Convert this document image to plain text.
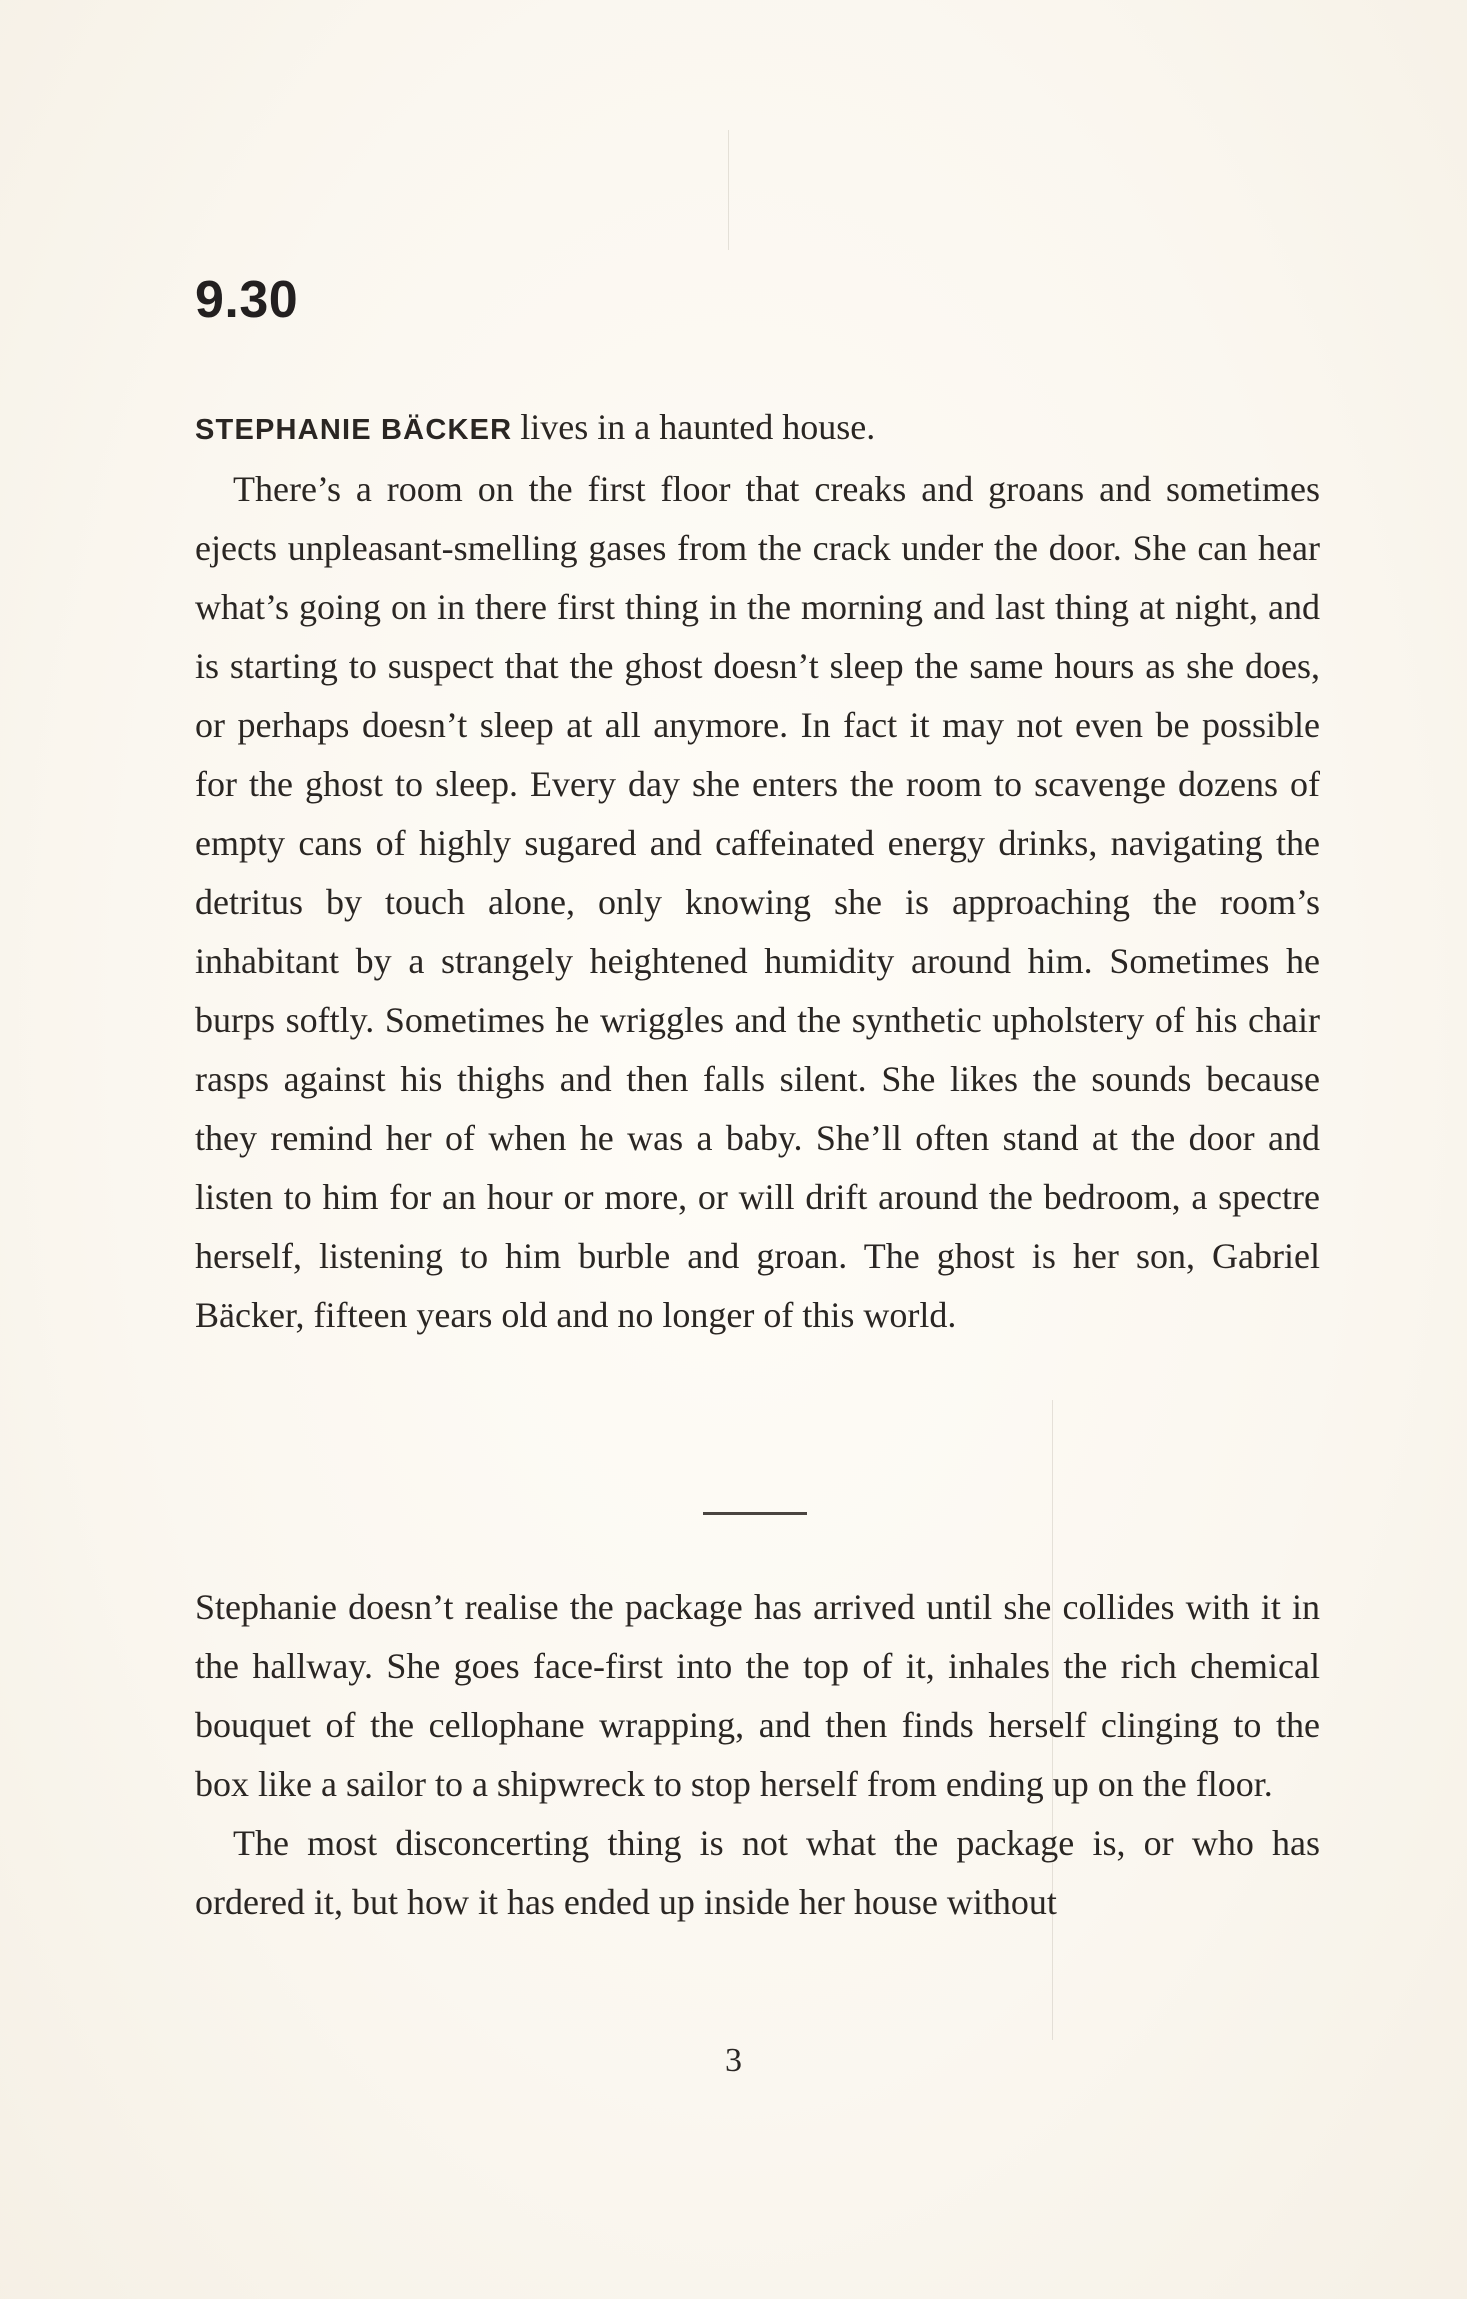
9.30

STEPHANIE BÄCKER lives in a haunted house.

There’s a room on the first floor that creaks and groans and sometimes ejects unpleasant-smelling gases from the crack under the door. She can hear what’s going on in there first thing in the morning and last thing at night, and is starting to suspect that the ghost doesn’t sleep the same hours as she does, or perhaps doesn’t sleep at all anymore. In fact it may not even be possible for the ghost to sleep. Every day she enters the room to scavenge dozens of empty cans of highly sugared and caffeinated energy drinks, navigating the detritus by touch alone, only knowing she is approaching the room’s inhabitant by a strangely heightened humidity around him. Sometimes he burps softly. Sometimes he wriggles and the synthetic upholstery of his chair rasps against his thighs and then falls silent. She likes the sounds because they remind her of when he was a baby. She’ll often stand at the door and listen to him for an hour or more, or will drift around the bedroom, a spectre herself, listening to him burble and groan. The ghost is her son, Gabriel Bäcker, fifteen years old and no longer of this world.

Stephanie doesn’t realise the package has arrived until she collides with it in the hallway. She goes face-first into the top of it, inhales the rich chemical bouquet of the cellophane wrapping, and then finds herself clinging to the box like a sailor to a shipwreck to stop herself from ending up on the floor.

The most disconcerting thing is not what the package is, or who has ordered it, but how it has ended up inside her house without

3
